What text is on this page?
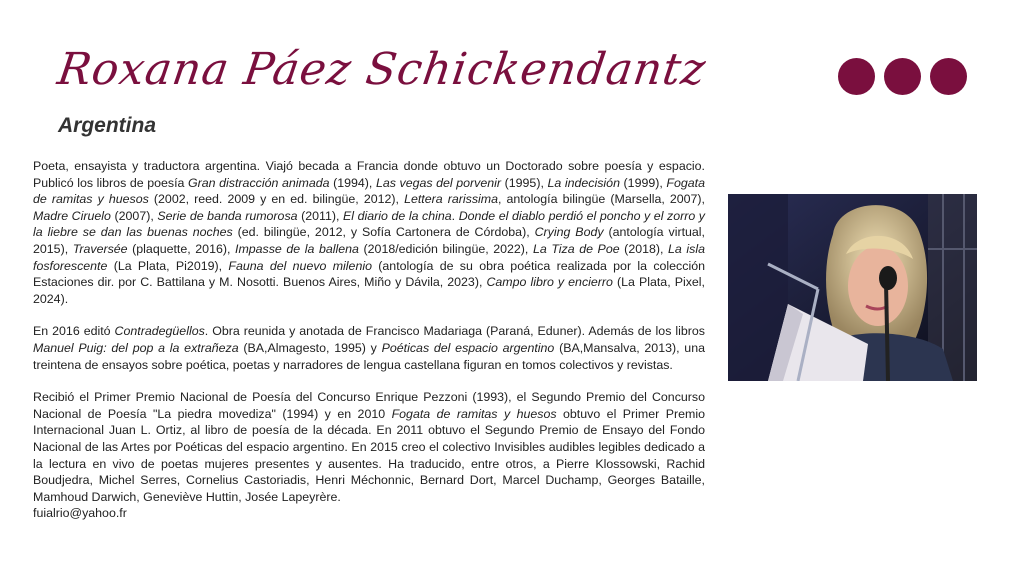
Roxana Páez Schickendantz
Argentina

Poeta, ensayista y traductora argentina. Viajó becada a Francia donde obtuvo un Doctorado sobre poesía y espacio. Publicó los libros de poesía Gran distracción animada (1994), Las vegas del porvenir (1995), La indecisión (1999), Fogata de ramitas y huesos (2002, reed. 2009 y en ed. bilingüe, 2012), Lettera rarissima, antología bilingüe (Marsella, 2007), Madre Ciruelo (2007), Serie de banda rumorosa (2011), El diario de la china. Donde el diablo perdió el poncho y el zorro y la liebre se dan las buenas noches (ed. bilingüe, 2012, y Sofía Cartonera de Córdoba), Crying Body (antología virtual, 2015), Traversée (plaquette, 2016), Impasse de la ballena (2018/edición bilingüe, 2022), La Tiza de Poe (2018), La isla fosforescente (La Plata, Pi2019), Fauna del nuevo milenio (antología de su obra poética realizada por la colección Estaciones dir. por C. Battilana y M. Nosotti. Buenos Aires, Miño y Dávila, 2023), Campo libro y encierro (La Plata, Pixel, 2024).

En 2016 editó Contradegüellos. Obra reunida y anotada de Francisco Madariaga (Paraná, Eduner). Además de los libros Manuel Puig: del pop a la extrañeza (BA,Almagesto, 1995) y Poéticas del espacio argentino (BA,Mansalva, 2013), una treintena de ensayos sobre poética, poetas y narradores de lengua castellana figuran en tomos colectivos y revistas.

Recibió el Primer Premio Nacional de Poesía del Concurso Enrique Pezzoni (1993), el Segundo Premio del Concurso Nacional de Poesía "La piedra movediza" (1994) y en 2010 Fogata de ramitas y huesos obtuvo el Primer Premio Internacional Juan L. Ortiz, al libro de poesía de la década. En 2011 obtuvo el Segundo Premio de Ensayo del Fondo Nacional de las Artes por Poéticas del espacio argentino. En 2015 creo el colectivo Invisibles audibles legibles dedicado a la lectura en vivo de poetas mujeres presentes y ausentes. Ha traducido, entre otros, a Pierre Klossowski, Rachid Boudjedra, Michel Serres, Cornelius Castoriadis, Henri Méchonnic, Bernard Dort, Marcel Duchamp, Georges Bataille, Mamhoud Darwich, Geneviève Huttin, Josée Lapeyrère.

fuialrio@yahoo.fr
